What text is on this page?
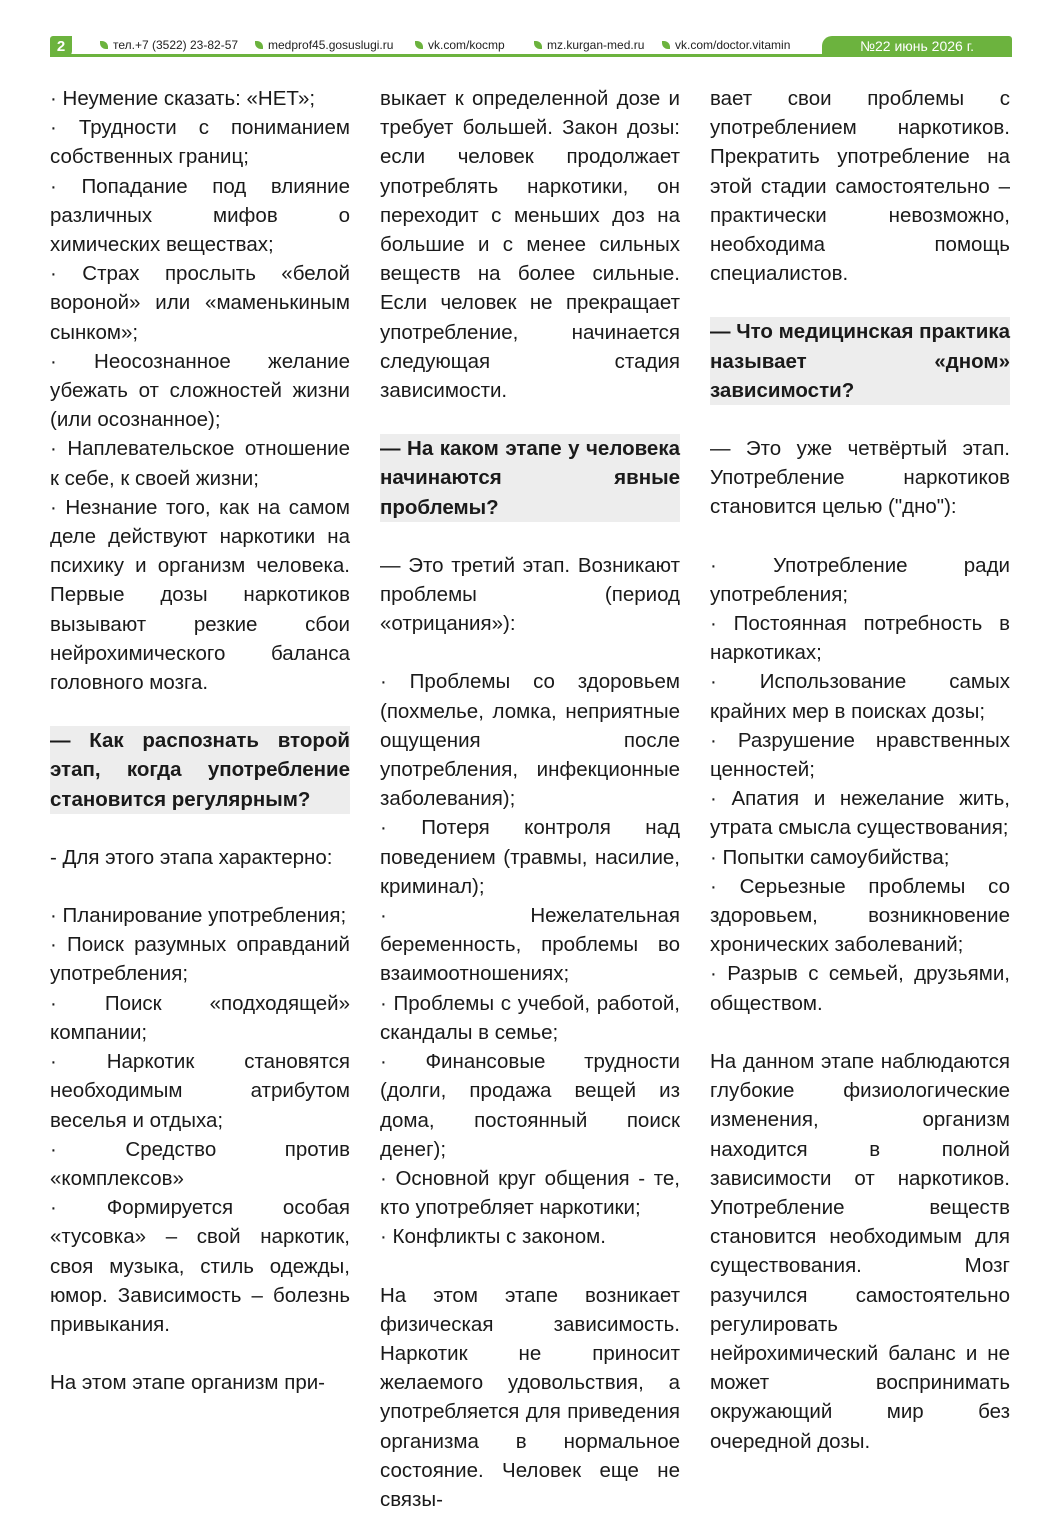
2	тел.+7 (3522) 23-82-57 medprof45.gosuslugi.ru	vk.com/kocmp	mz.kurgan-med.ru	vk.com/doctor.vitamin	№22 июнь 2026 г.

· Неумение сказать: «НЕТ»;

· Трудности с пониманием собственных границ;

· Попадание под влияние различных мифов о химических веществах;

· Страх прослыть «белой вороной» или «маменькиным сынком»;

· Неосознанное желание убежать от сложностей жизни (или осознанное);

· Наплевательское отношение к себе, к своей жизни;

· Незнание того, как на самом деле действуют наркотики на психику и организм человека. Первые дозы наркотиков вызывают резкие сбои нейрохимического баланса головного мозга.

— Как распознать второй этап, когда употребление становится регулярным?

- Для этого этапа характерно:

· Планирование употребления;

· Поиск разумных оправданий употребления;

· Поиск «подходящей» компании;

· Наркотик становятся необходимым атрибутом веселья и отдыха;

· Средство против «комплексов»

· Формируется особая «тусовка» – свой наркотик, своя музыка, стиль одежды, юмор. Зависимость – болезнь привыкания.

На этом этапе организм при-

выкает к определенной дозе и требует большей. Закон дозы: если человек продолжает употреблять наркотики, он переходит с меньших доз на большие и с менее сильных веществ на более сильные. Если человек не прекращает употребление, начинается следующая стадия зависимости.

— На каком этапе у человека начинаются явные проблемы?

— Это третий этап. Возникают проблемы (период «отрицания»):

· Проблемы со здоровьем (похмелье, ломка, неприятные ощущения после употребления, инфекционные заболевания);

· Потеря контроля над поведением (травмы, насилие, криминал);

· Нежелательная беременность, проблемы во взаимоотношениях;

· Проблемы с учебой, работой, скандалы в семье;

· Финансовые трудности (долги, продажа вещей из дома, постоянный поиск денег);

· Основной круг общения - те, кто употребляет наркотики;

· Конфликты с законом.

На этом этапе возникает физическая зависимость. Наркотик не приносит желаемого удовольствия, а употребляется для приведения организма в нормальное состояние. Человек еще не связы-

вает свои проблемы с употреблением наркотиков. Прекратить употребление на этой стадии самостоятельно – практически невозможно, необходима помощь специалистов.

— Что медицинская практика называет «дном» зависимости?

— Это уже четвёртый этап. Употребление наркотиков становится целью ("дно"):

· Употребление ради употребления;

· Постоянная потребность в наркотиках;

· Использование самых крайних мер в поисках дозы;

· Разрушение нравственных ценностей;

· Апатия и нежелание жить, утрата смысла существования;

· Попытки самоубийства;

· Серьезные проблемы со здоровьем, возникновение хронических заболеваний;

· Разрыв с семьей, друзьями, обществом.

На данном этапе наблюдаются глубокие физиологические изменения, организм находится в полной зависимости от наркотиков. Употребление веществ становится необходимым для существования. Мозг разучился самостоятельно регулировать нейрохимический баланс и не может воспринимать окружающий мир без очередной дозы.
